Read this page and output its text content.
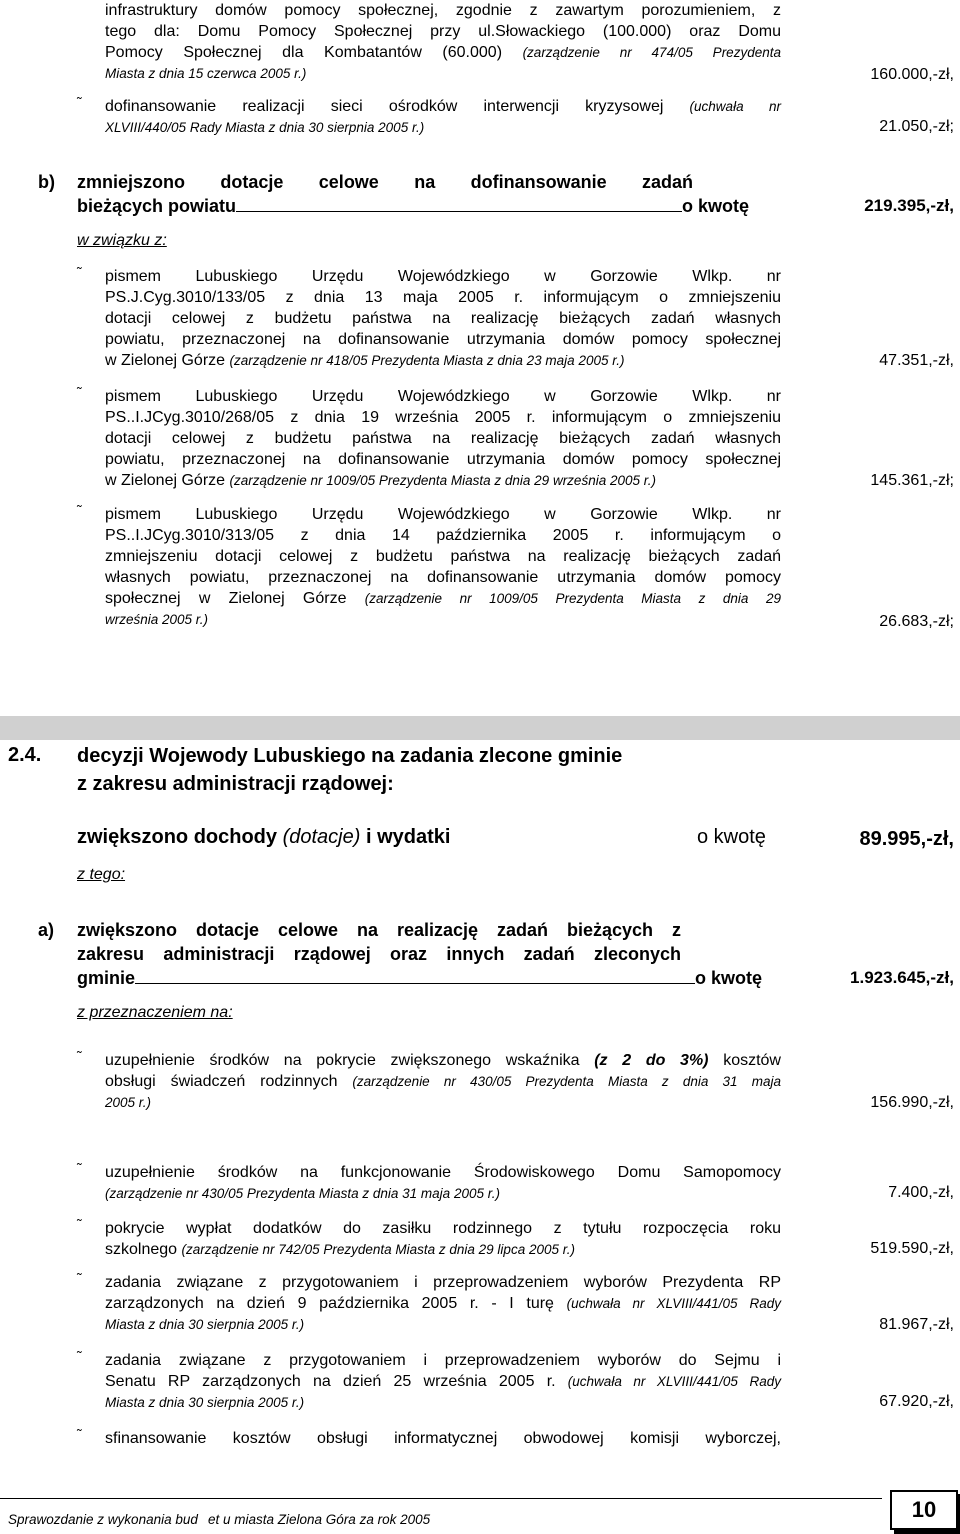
infrastruktury domów pomocy społecznej, zgodnie z zawartym porozumieniem, z
tego dla: Domu Pomocy Społecznej przy ul.Słowackiego (100.000) oraz Domu
Pomocy Społecznej dla Kombatantów (60.000) (zarządzenie nr 474/05 Prezydenta
Miasta z dnia 15 czerwca 2005 r.)	160.000,-zł,
˜ dofinansowanie realizacji sieci ośrodków interwencji kryzysowej (uchwała nr
XLVIII/440/05 Rady Miasta z dnia 30 sierpnia 2005 r.)	21.050,-zł;
b) zmniejszono dotacje celowe na dofinansowanie zadań
bieżących powiatu	o kwotę	219.395,-zł,
w związku z:
˜ pismem Lubuskiego Urzędu Wojewódzkiego w Gorzowie Wlkp. nr
PS.J.Cyg.3010/133/05 z dnia 13 maja 2005 r. informującym o zmniejszeniu
dotacji celowej z budżetu państwa na realizację bieżących zadań własnych
powiatu, przeznaczonej na dofinansowanie utrzymania domów pomocy społecznej
w Zielonej Górze (zarządzenie nr 418/05 Prezydenta Miasta z dnia 23 maja 2005 r.)	47.351,-zł,
˜ pismem Lubuskiego Urzędu Wojewódzkiego w Gorzowie Wlkp. nr
PS..I.JCyg.3010/268/05 z dnia 19 września 2005 r. informującym o zmniejszeniu
dotacji celowej z budżetu państwa na realizację bieżących zadań własnych
powiatu, przeznaczonej na dofinansowanie utrzymania domów pomocy społecznej
w Zielonej Górze (zarządzenie nr 1009/05 Prezydenta Miasta z dnia 29 września 2005 r.)	145.361,-zł;
˜ pismem Lubuskiego Urzędu Wojewódzkiego w Gorzowie Wlkp. nr
PS..I.JCyg.3010/313/05 z dnia 14 października 2005 r. informującym o
zmniejszeniu dotacji celowej z budżetu państwa na realizację bieżących zadań
własnych powiatu, przeznaczonej na dofinansowanie utrzymania domów pomocy
społecznej w Zielonej Górze (zarządzenie nr 1009/05 Prezydenta Miasta z dnia 29
września 2005 r.)	26.683,-zł;
2.4. decyzji Wojewody Lubuskiego na zadania zlecone gminie
z zakresu administracji rządowej:
zwiększono dochody (dotacje) i wydatki	o kwotę	89.995,-zł,
z tego:
a) zwiększono dotacje celowe na realizację zadań bieżących z
zakresu administracji rządowej oraz innych zadań zleconych
gminie	o kwotę	1.923.645,-zł,
z przeznaczeniem na:
˜ uzupełnienie środków na pokrycie zwiększonego wskaźnika (z 2 do 3%) kosztów
obsługi świadczeń rodzinnych (zarządzenie nr 430/05 Prezydenta Miasta z dnia 31 maja
2005 r.)	156.990,-zł,
˜ uzupełnienie środków na funkcjonowanie Środowiskowego Domu Samopomocy
(zarządzenie nr 430/05 Prezydenta Miasta z dnia 31 maja 2005 r.)	7.400,-zł,
˜ pokrycie wypłat dodatków do zasiłku rodzinnego z tytułu rozpoczęcia roku
szkolnego (zarządzenie nr 742/05 Prezydenta Miasta z dnia 29 lipca 2005 r.)	519.590,-zł,
˜ zadania związane z przygotowaniem i przeprowadzeniem wyborów Prezydenta RP
zarządzonych na dzień 9 października 2005 r. - I turę (uchwała nr XLVIII/441/05 Rady
Miasta z dnia 30 sierpnia 2005 r.)	81.967,-zł,
˜ zadania związane z przygotowaniem i przeprowadzeniem wyborów do Sejmu i
Senatu RP zarządzonych na dzień 25 września 2005 r. (uchwała nr XLVIII/441/05 Rady
Miasta z dnia 30 sierpnia 2005 r.)	67.920,-zł,
˜ sfinansowanie kosztów obsługi informatycznej obwodowej komisji wyborczej,
Sprawozdanie z wykonania bud et u miasta Zielona Góra za rok 2005	10
